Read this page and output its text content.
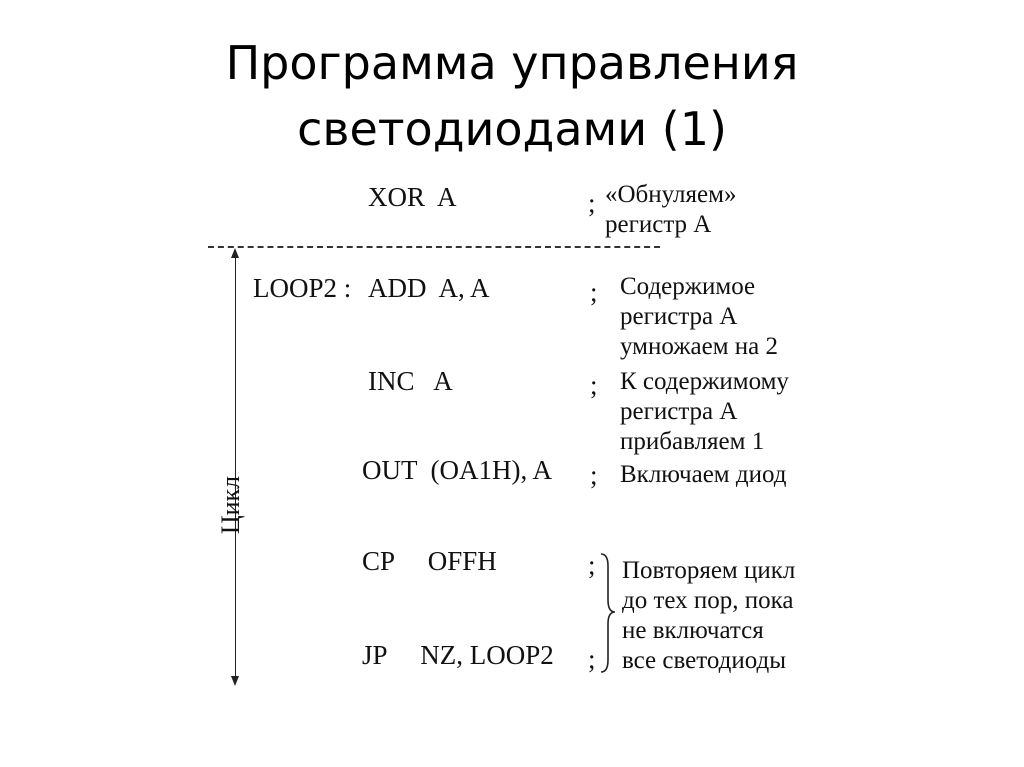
Программа управления
светодиодами (1)
XOR  A	; «Обнуляем»
регистр А
Цикл
LOOP2 : ADD  A, A	; Содержимое
регистра А
умножаем на 2
INC   A	; К содержимому
регистра А
прибавляем 1
OUT  (OA1H), A ; Включаем диод
CP     OFFH	;
JP     NZ, LOOP2 ;
Повторяем цикл
до тех пор, пока
не включатся
все светодиоды
